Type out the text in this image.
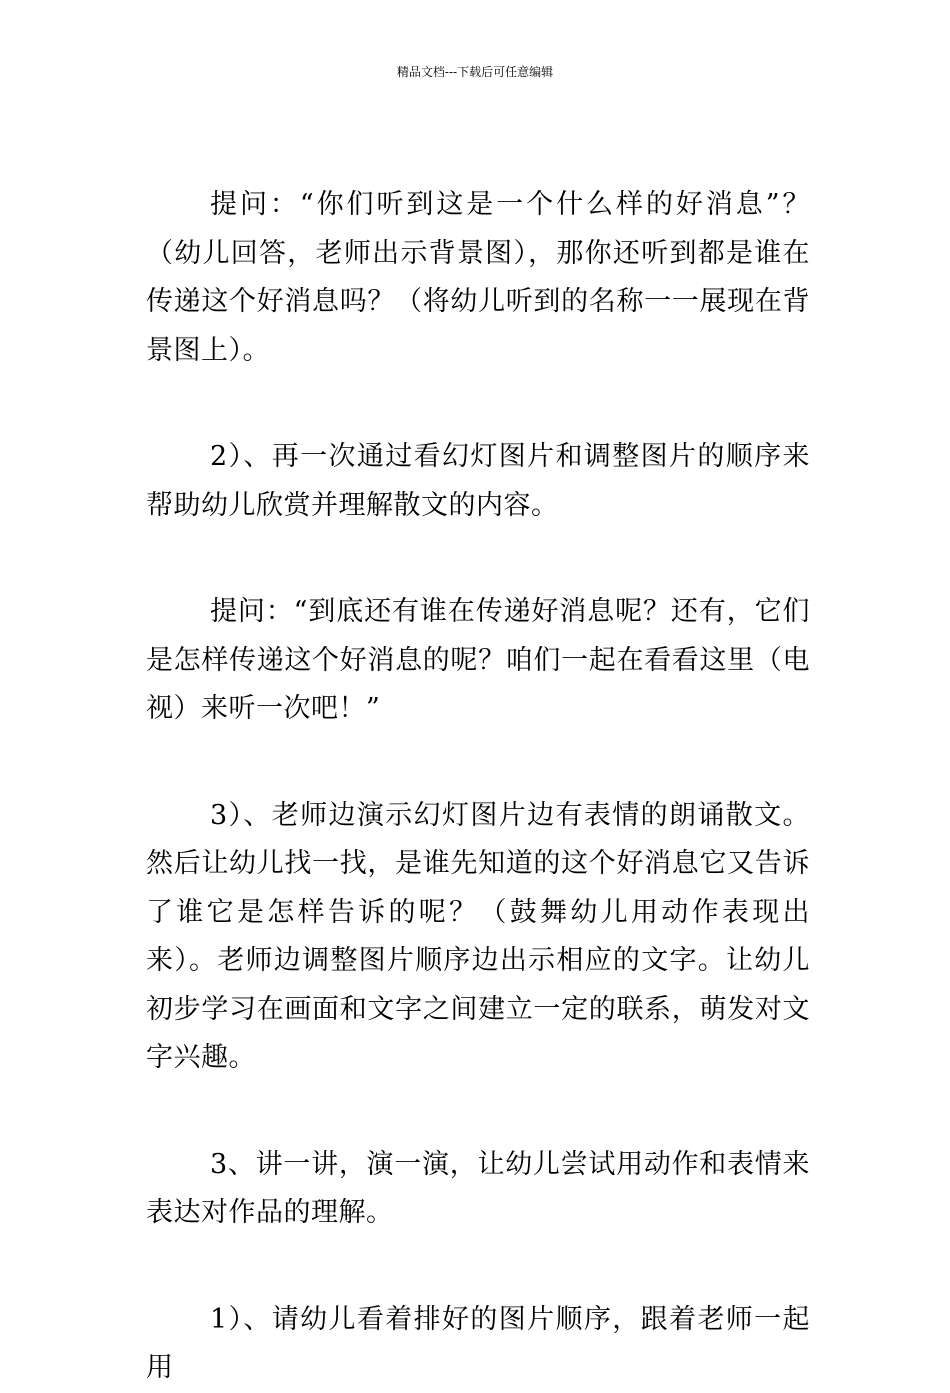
精品文档---下载后可任意编辑

提问：“你们听到这是一个什么样的好消息”？（幼儿回答，老师出示背景图），那你还听到都是谁在传递这个好消息吗？（将幼儿听到的名称一一展现在背景图上）。

2）、再一次通过看幻灯图片和调整图片的顺序来帮助幼儿欣赏并理解散文的内容。

提问：“到底还有谁在传递好消息呢？还有，它们是怎样传递这个好消息的呢？咱们一起在看看这里（电视）来听一次吧！”

3）、老师边演示幻灯图片边有表情的朗诵散文。然后让幼儿找一找，是谁先知道的这个好消息它又告诉了谁它是怎样告诉的呢？（鼓舞幼儿用动作表现出来）。老师边调整图片顺序边出示相应的文字。让幼儿初步学习在画面和文字之间建立一定的联系，萌发对文字兴趣。

3、讲一讲，演一演，让幼儿尝试用动作和表情来表达对作品的理解。

1）、请幼儿看着排好的图片顺序，跟着老师一起用
